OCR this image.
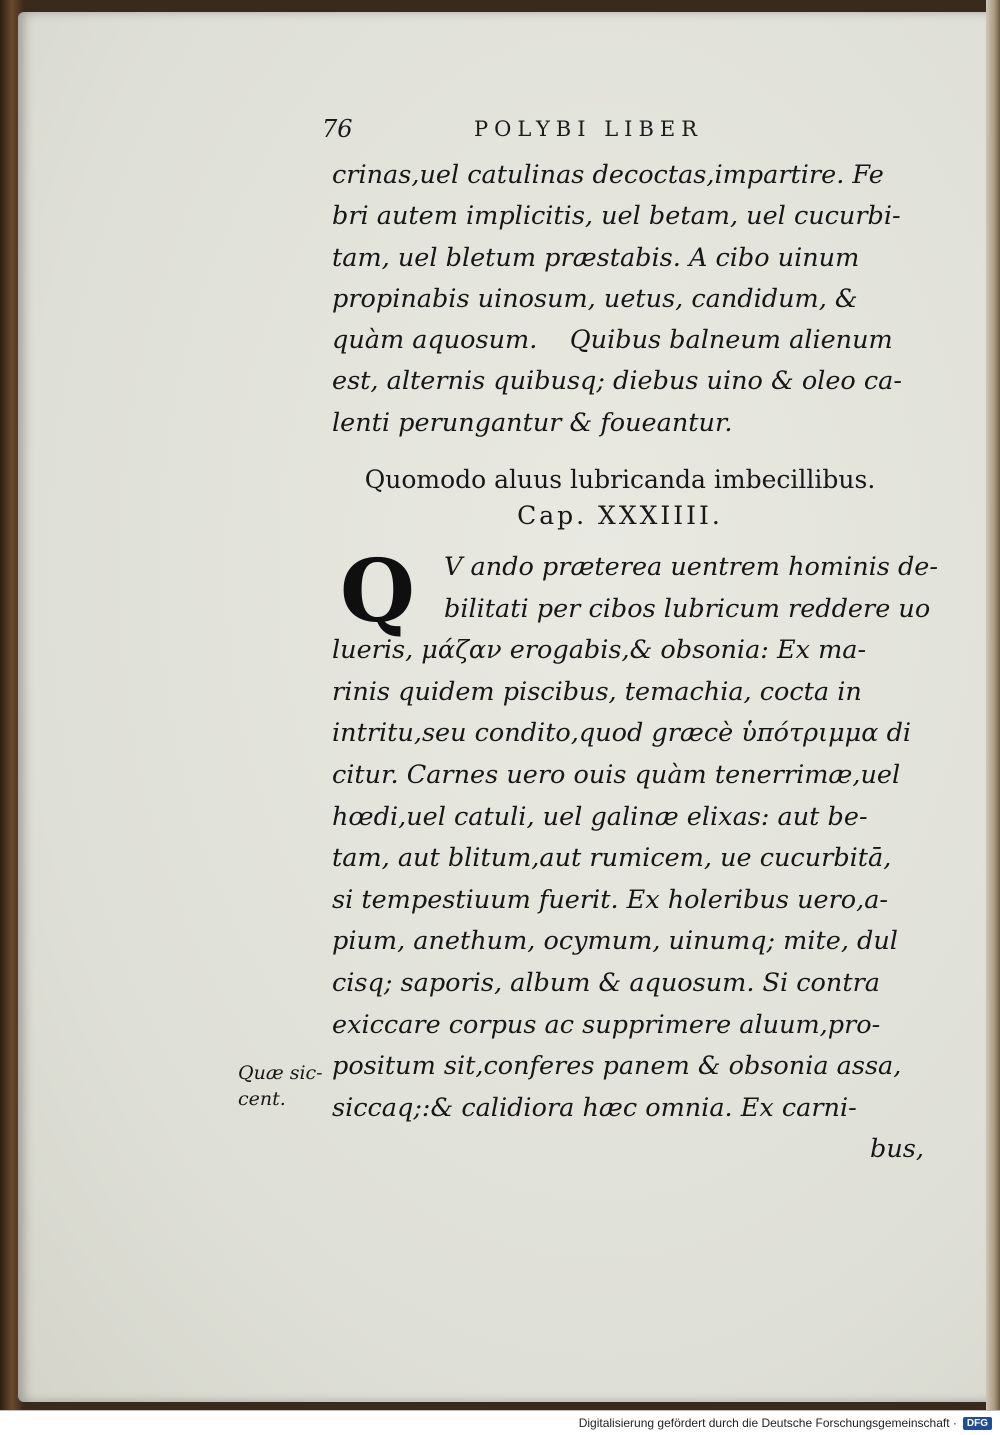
76	POLYBI LIBER
crinas,uel catulinas decoctas,impartire. Fe
bri autem implicitis, uel betam, uel cucurbi-
tam, uel bletum præstabis. A cibo uinum
propinabis uinosum, uetus, candidum, &
quàm aquosum.    Quibus balneum alienum
est, alternis quibusq; diebus uino & oleo ca-
lenti perungantur & foueantur.
Quomodo aluus lubricanda imbecillibus.
Cap. XXXIIII.
Q	V ando præterea uentrem hominis de-
bilitati per cibos lubricum reddere uo
lueris, μάζαν erogabis,& obsonia: Ex ma-
rinis quidem piscibus, temachia, cocta in
intritu,seu condito,quod græcè ὑπότριμμα di
citur. Carnes uero ouis quàm tenerrimæ,uel
hœdi,uel catuli, uel galinæ elixas: aut be-
tam, aut blitum,aut rumicem, ue cucurbitā,
si tempestiuum fuerit. Ex holeribus uero,a-
pium, anethum, ocymum, uinumq; mite, dul
cisq; saporis, album & aquosum. Si contra
exiccare corpus ac supprimere aluum,pro-
positum sit,conferes panem & obsonia assa,
siccaq;:& calidiora hæc omnia. Ex carni-
bus,
Quæ sic-
cent.
Digitalisierung gefördert durch die Deutsche Forschungsgemeinschaft ·	DFG
